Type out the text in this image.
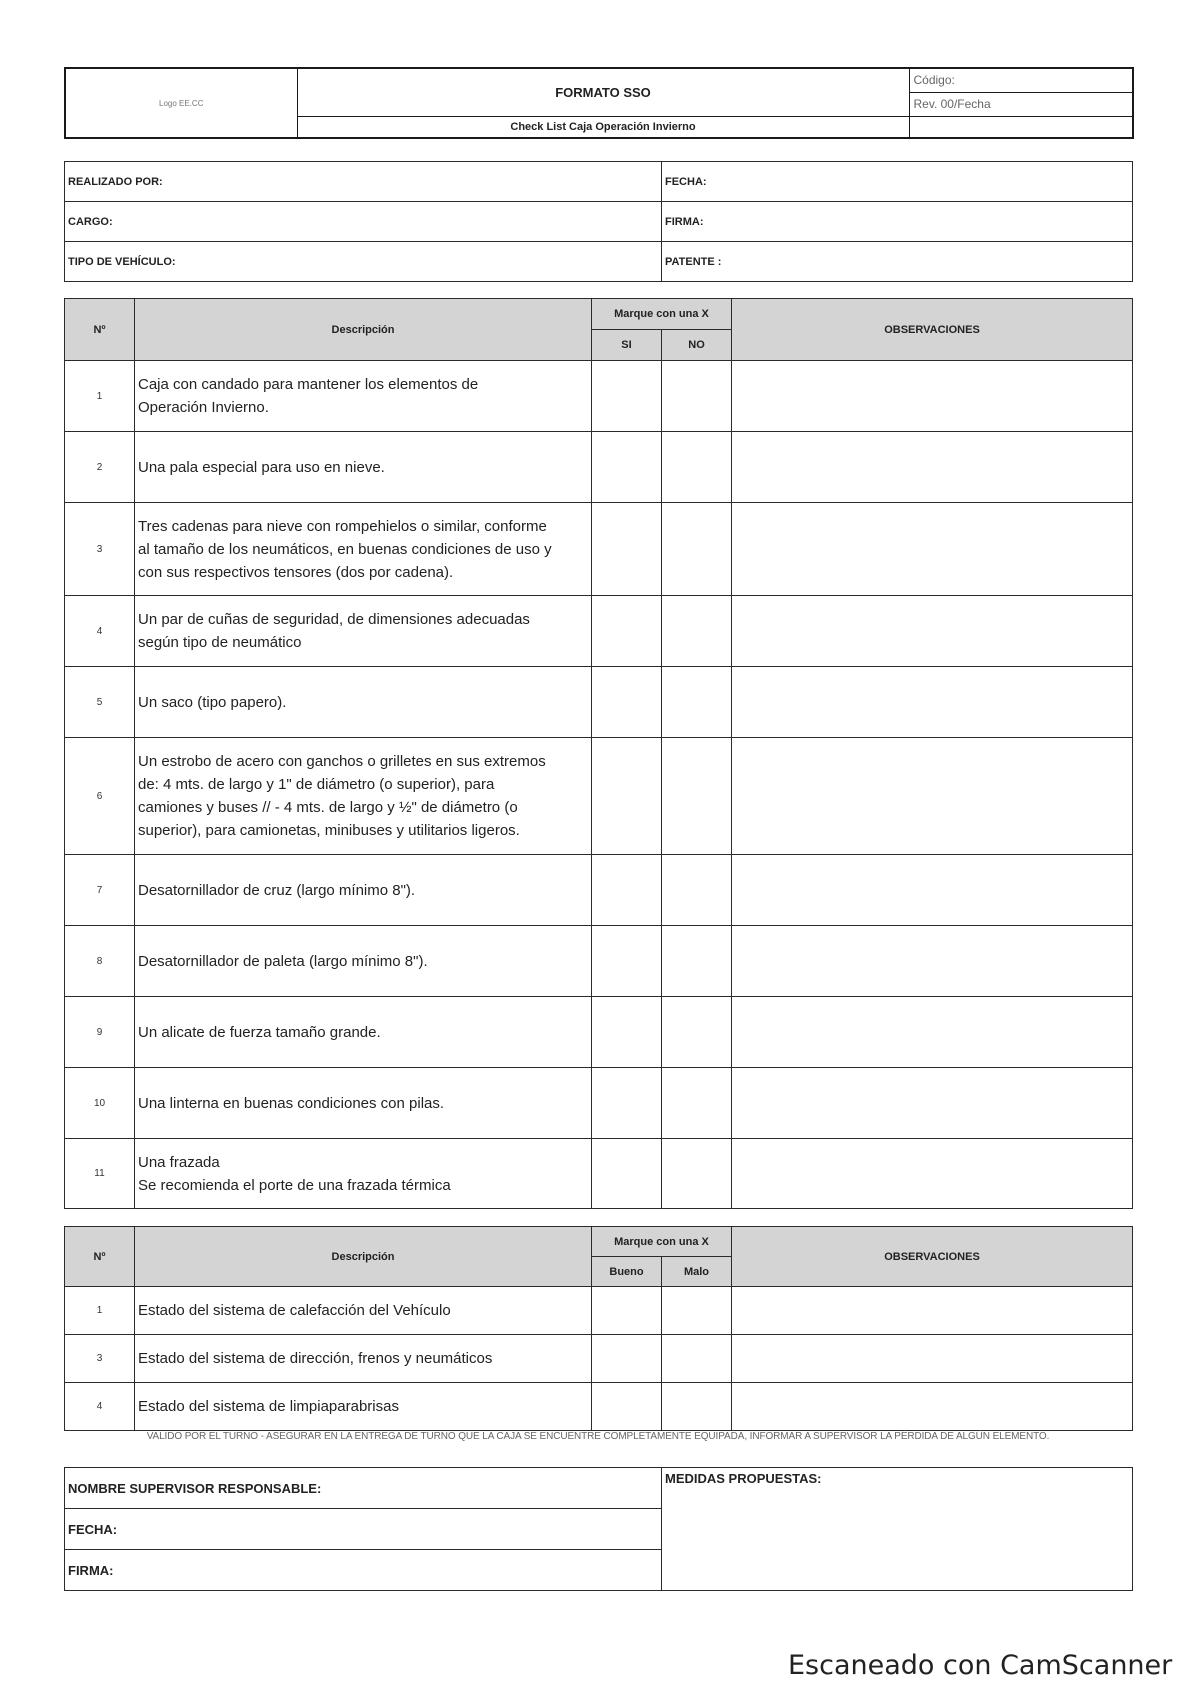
Logo EE.CC	FORMATO SSO	Código:
		Rev. 00/Fecha
	Check List Caja Operación Invierno	
REALIZADO POR:	FECHA:
CARGO:	FIRMA:
TIPO DE VEHÍCULO:	PATENTE :
Nº	Descripción	Marque con una X		OBSERVACIONES
		SI	NO	
1	Caja con candado para mantener los elementos de
Operación Invierno.			

2	Una pala especial para uso en nieve.			

3	Tres cadenas para nieve con rompehielos o similar, conforme
al tamaño de los neumáticos, en buenas condiciones de uso y
con sus respectivos tensores (dos por cadena).			

4	Un par de cuñas de seguridad, de dimensiones adecuadas
según tipo de neumático			

5	Un saco (tipo papero).			

6	Un estrobo de acero con ganchos o grilletes en sus extremos
de: 4 mts. de largo y 1" de diámetro (o superior), para
camiones y buses // - 4 mts. de largo y ½" de diámetro (o
superior), para camionetas, minibuses y utilitarios ligeros.			

7	Desatornillador de cruz (largo mínimo 8").			

8	Desatornillador de paleta (largo mínimo 8").			

9	Un alicate de fuerza tamaño grande.			

10	Una linterna en buenas condiciones con pilas.			

11	Una frazada
Se recomienda el porte de una frazada térmica			

Nº	Descripción	Marque con una X		OBSERVACIONES
		Bueno	Malo	
1	Estado del sistema de calefacción del Vehículo			
3	Estado del sistema de dirección, frenos y neumáticos			
4	Estado del sistema de limpiaparabrisas			
VALIDO POR EL TURNO - ASEGURAR EN LA ENTREGA DE TURNO QUE LA CAJA SE ENCUENTRE COMPLETAMENTE EQUIPADA, INFORMAR A SUPERVISOR LA PÉRDIDA DE ALGÚN ELEMENTO.
NOMBRE SUPERVISOR RESPONSABLE:	MEDIDAS PROPUESTAS:
FECHA:
FIRMA:
Escaneado con CamScanner
